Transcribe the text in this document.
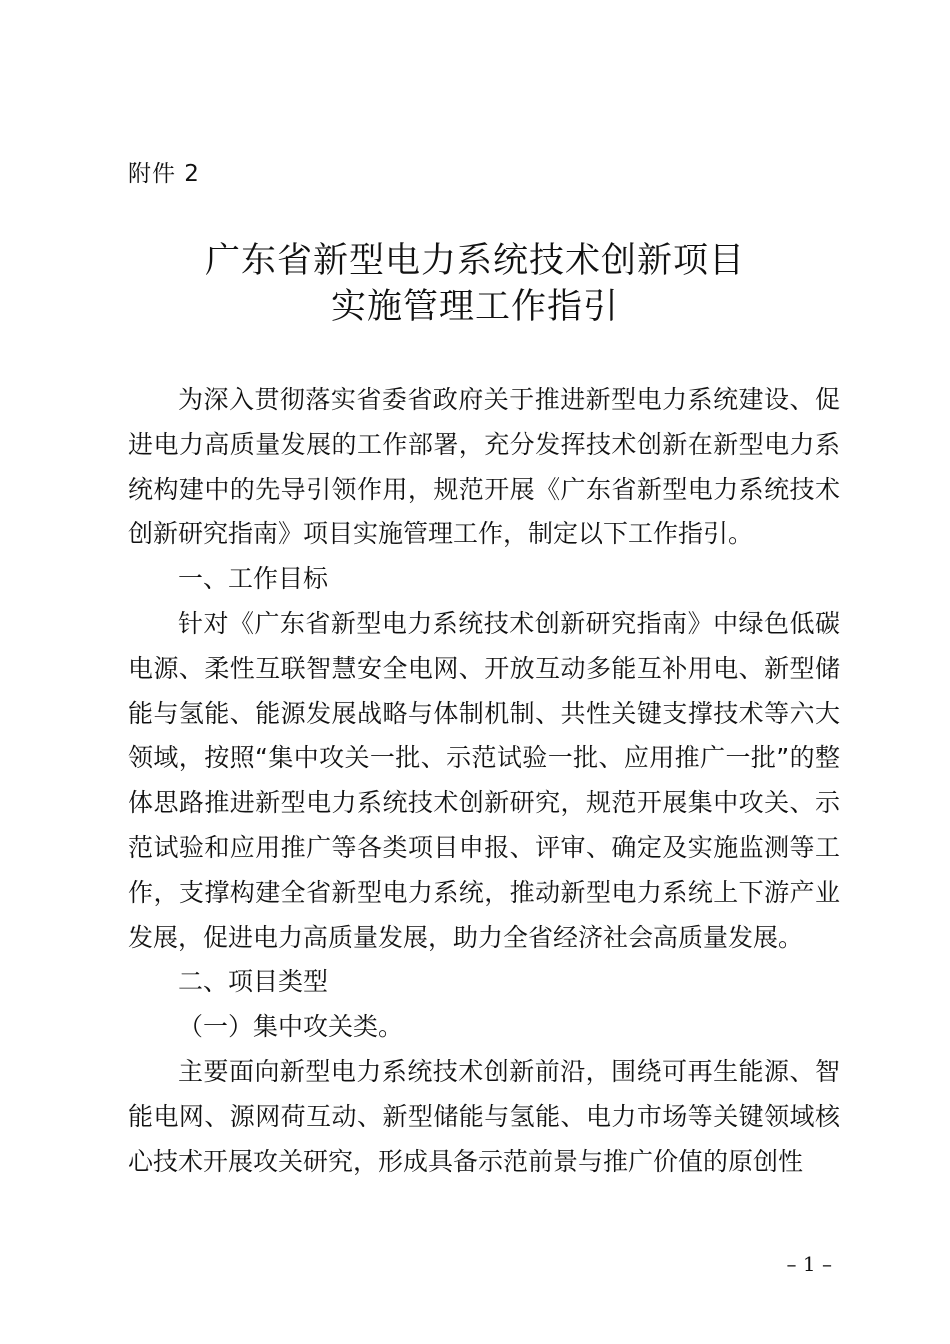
附件 2
广东省新型电力系统技术创新项目
实施管理工作指引

为深入贯彻落实省委省政府关于推进新型电力系统建设、促进电力高质量发展的工作部署，充分发挥技术创新在新型电力系统构建中的先导引领作用，规范开展《广东省新型电力系统技术创新研究指南》项目实施管理工作，制定以下工作指引。

一、工作目标

针对《广东省新型电力系统技术创新研究指南》中绿色低碳电源、柔性互联智慧安全电网、开放互动多能互补用电、新型储能与氢能、能源发展战略与体制机制、共性关键支撑技术等六大领域，按照“集中攻关一批、示范试验一批、应用推广一批”的整体思路推进新型电力系统技术创新研究，规范开展集中攻关、示范试验和应用推广等各类项目申报、评审、确定及实施监测等工作，支撑构建全省新型电力系统，推动新型电力系统上下游产业发展，促进电力高质量发展，助力全省经济社会高质量发展。

二、项目类型

（一）集中攻关类。

主要面向新型电力系统技术创新前沿，围绕可再生能源、智能电网、源网荷互动、新型储能与氢能、电力市场等关键领域核心技术开展攻关研究，形成具备示范前景与推广价值的原创性

– 1 –
